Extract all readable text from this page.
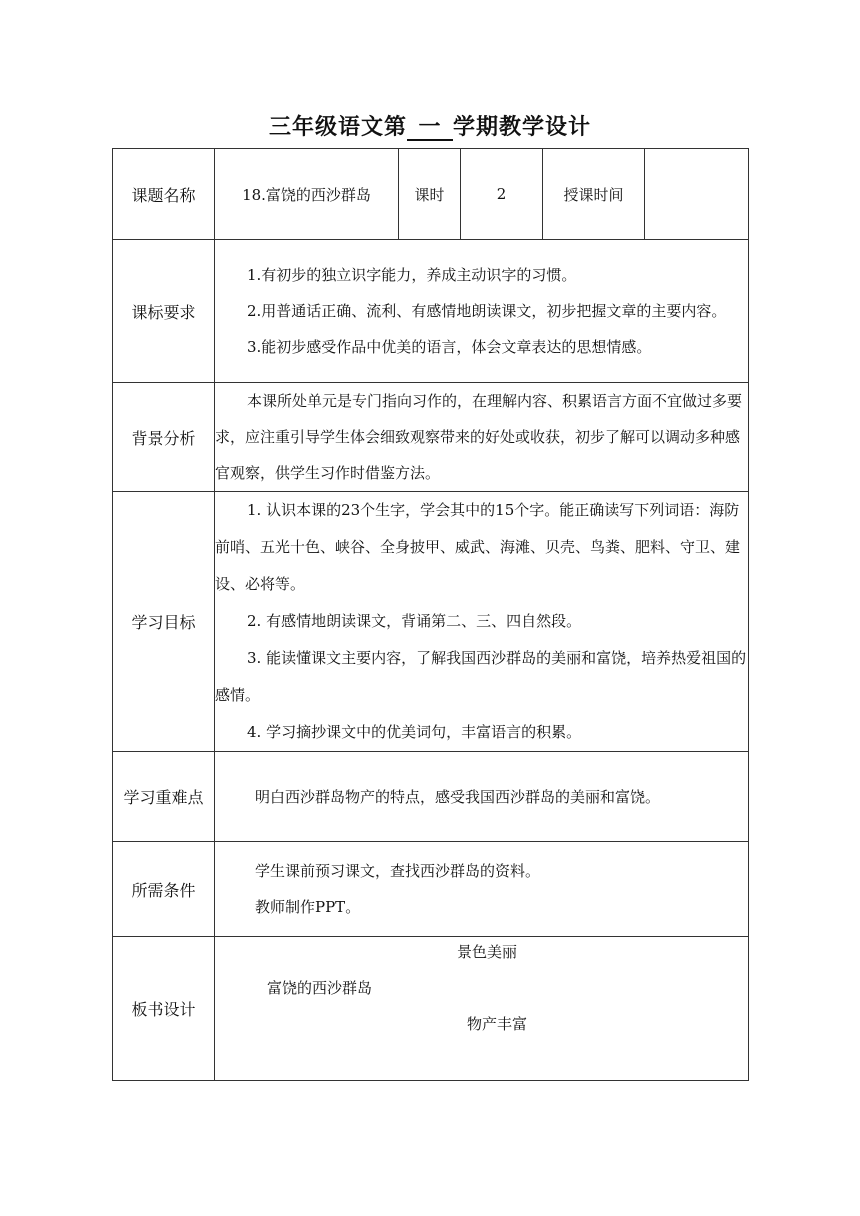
三年级语文第 一 学期教学设计
课题名称	18.富饶的西沙群岛	课时	2	授课时间	
课标要求	1.有初步的独立识字能力，养成主动识字的习惯。

2.用普通话正确、流利、有感情地朗读课文，初步把握文章的主要内容。

3.能初步感受作品中优美的语言，体会文章表达的思想情感。				

背景分析	本课所处单元是专门指向习作的，在理解内容、积累语言方面不宜做过多要求，应注重引导学生体会细致观察带来的好处或收获，初步了解可以调动多种感官观察，供学生习作时借鉴方法。				

学习目标	1. 认识本课的23个生字，学会其中的15个字。能正确读写下列词语：海防前哨、五光十色、峡谷、全身披甲、威武、海滩、贝壳、鸟粪、肥料、守卫、建设、必将等。

2. 有感情地朗读课文，背诵第二、三、四自然段。

3. 能读懂课文主要内容，了解我国西沙群岛的美丽和富饶，培养热爱祖国的感情。

4. 学习摘抄课文中的优美词句，丰富语言的积累。				

学习重难点	明白西沙群岛物产的特点，感受我国西沙群岛的美丽和富饶。				

所需条件	学生课前预习课文，查找西沙群岛的资料。

教师制作PPT。				

板书设计	景色美丽
富饶的西沙群岛
物产丰富				
